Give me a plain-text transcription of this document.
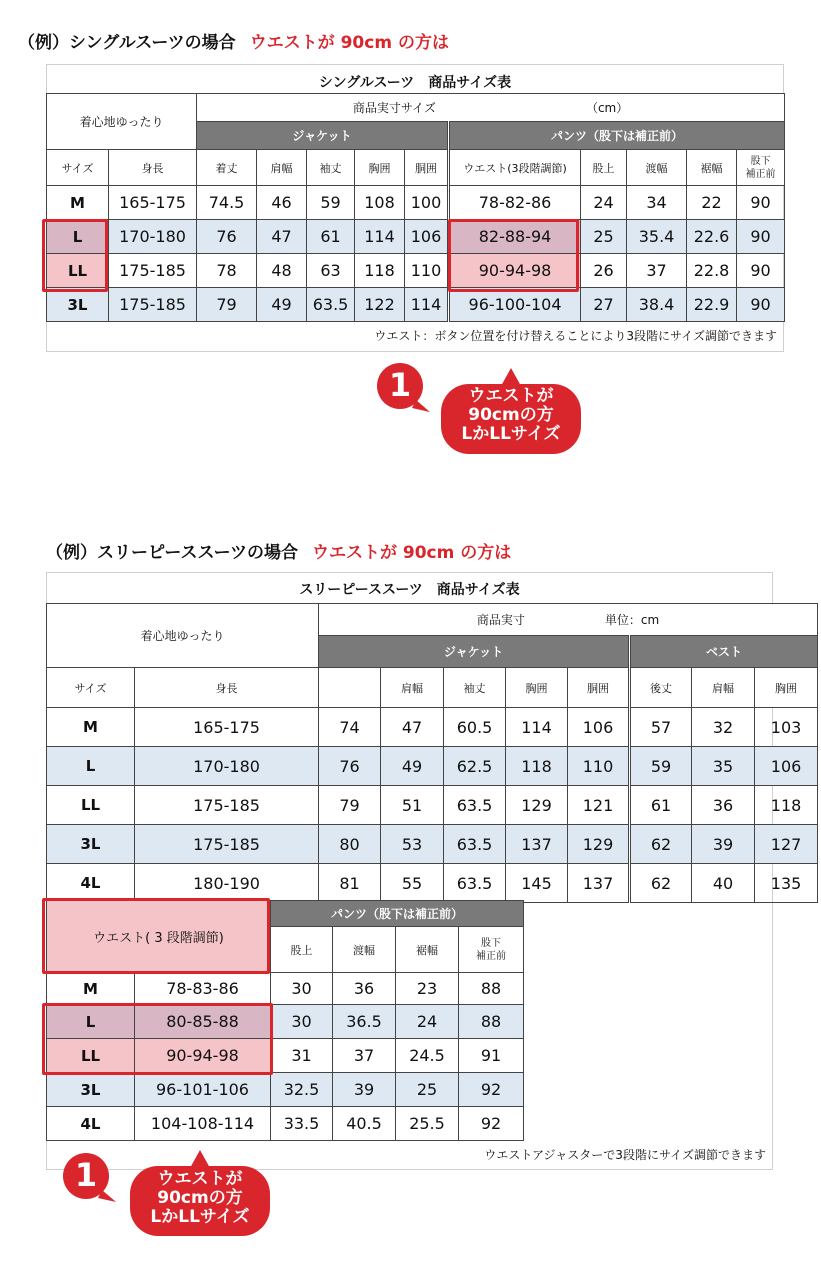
（例）シングルスーツの場合 ウエストが 90cm の方は
シングルスーツ　商品サイズ表
ウエスト：ボタン位置を付け替えることにより3段階にサイズ調節できます
着心地ゆったり		商品実寸サイズ （cm）									
		ジャケット					パンツ（股下は補正前）				
サイズ	身長	着丈	肩幅	袖丈	胸囲	胴囲	ウエスト(3段階調節)	股上	渡幅	裾幅	股下
補正前
M	165-175	74.5	46	59	108	100	78-82-86	24	34	22	90
L	170-180	76	47	61	114	106	82-88-94	25	35.4	22.6	90
LL	175-185	78	48	63	118	110	90-94-98	26	37	22.8	90
3L	175-185	79	49	63.5	122	114	96-100-104	27	38.4	22.9	90
1	ウエストが
90cmの方
LかLLサイズ
（例）スリーピーススーツの場合 ウエストが 90cm の方は
スリーピーススーツ　商品サイズ表
ウエストアジャスターで3段階にサイズ調節できます
着心地ゆったり		商品実寸 単位：cm							
		ジャケット					ベスト		
サイズ	身長	着丈	肩幅	袖丈	胸囲	胴囲	後丈	肩幅	胸囲
M	165-175	74	47	60.5	114	106	57	32	103
L	170-180	76	49	62.5	118	110	59	35	106
LL	175-185	79	51	63.5	129	121	61	36	118
3L	175-185	80	53	63.5	137	129	62	39	127
4L	180-190	81	55	63.5	145	137	62	40	135
ウエスト( 3 段階調節)		パンツ（股下は補正前）			
		股上	渡幅	裾幅	股下
補正前
M	78-83-86	30	36	23	88
L	80-85-88	30	36.5	24	88
LL	90-94-98	31	37	24.5	91
3L	96-101-106	32.5	39	25	92
4L	104-108-114	33.5	40.5	25.5	92
1	ウエストが
90cmの方
LかLLサイズ
